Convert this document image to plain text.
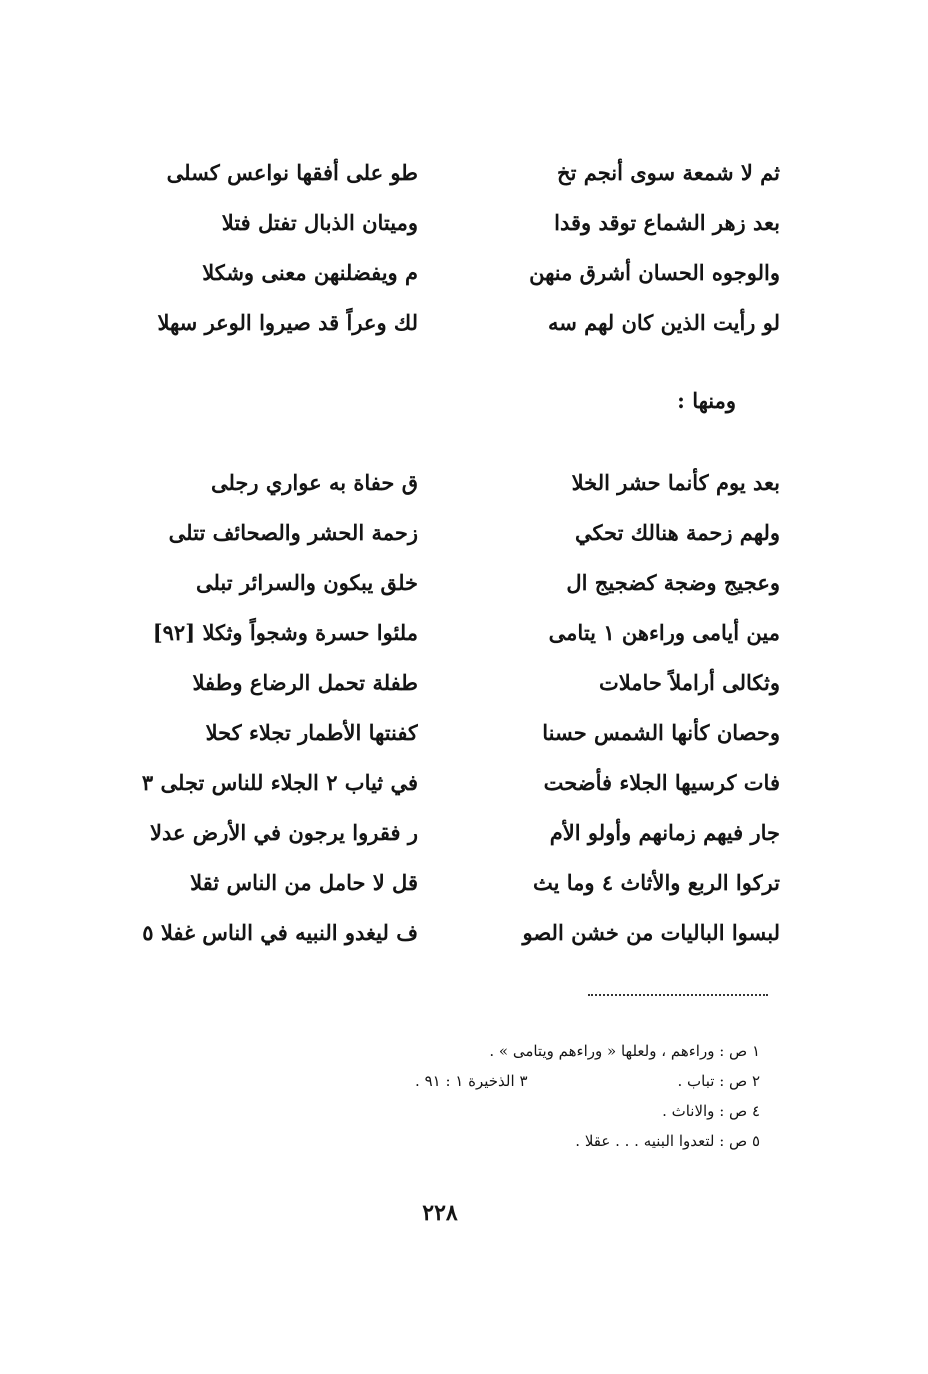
ثم لا شمعة سوى أنجم تخ
طو على أفقها نواعس كسلى
بعد زهر الشماع توقد وقدا
وميتان الذبال تفتل فتلا
والوجوه الحسان أشرق منهن
م ويفضلنهن معنى وشكلا
لو رأيت الذين كان لهم سه
لك وعراً قد صيروا الوعر سهلا
ومنها :
بعد يوم كأنما حشر الخلا
ق حفاة به عواري رجلى
ولهم زحمة هنالك تحكي
زحمة الحشر والصحائف تتلى
وعجيج وضجة كضجيج ال
خلق يبكون والسرائر تبلى
مين أيامى وراءهن ١ يتامى
ملئوا حسرة وشجواً وثكلا [٩٢]
وثكالى أراملاً حاملات
طفلة تحمل الرضاع وطفلا
وحصان كأنها الشمس حسنا
كفنتها الأطمار تجلاء كحلا
فات كرسيها الجلاء فأضحت
في ثياب ٢ الجلاء للناس تجلى ٣
جار فيهم زمانهم وأولو الأم
ر فقروا يرجون في الأرض عدلا
تركوا الربع والأثاث ٤ وما يث
قل لا حامل من الناس ثقلا
لبسوا الباليات من خشن الصو
ف ليغدو النبيه في الناس غفلا ٥
١ ص : وراءهم ، ولعلها « وراءهم ويتامى » .
٢ ص : تباب .
٣ الذخيرة ١ : ٩١ .
٤ ص : والاناث .
٥ ص : لتعدوا البنيه . . . عقلا .
٢٢٨
